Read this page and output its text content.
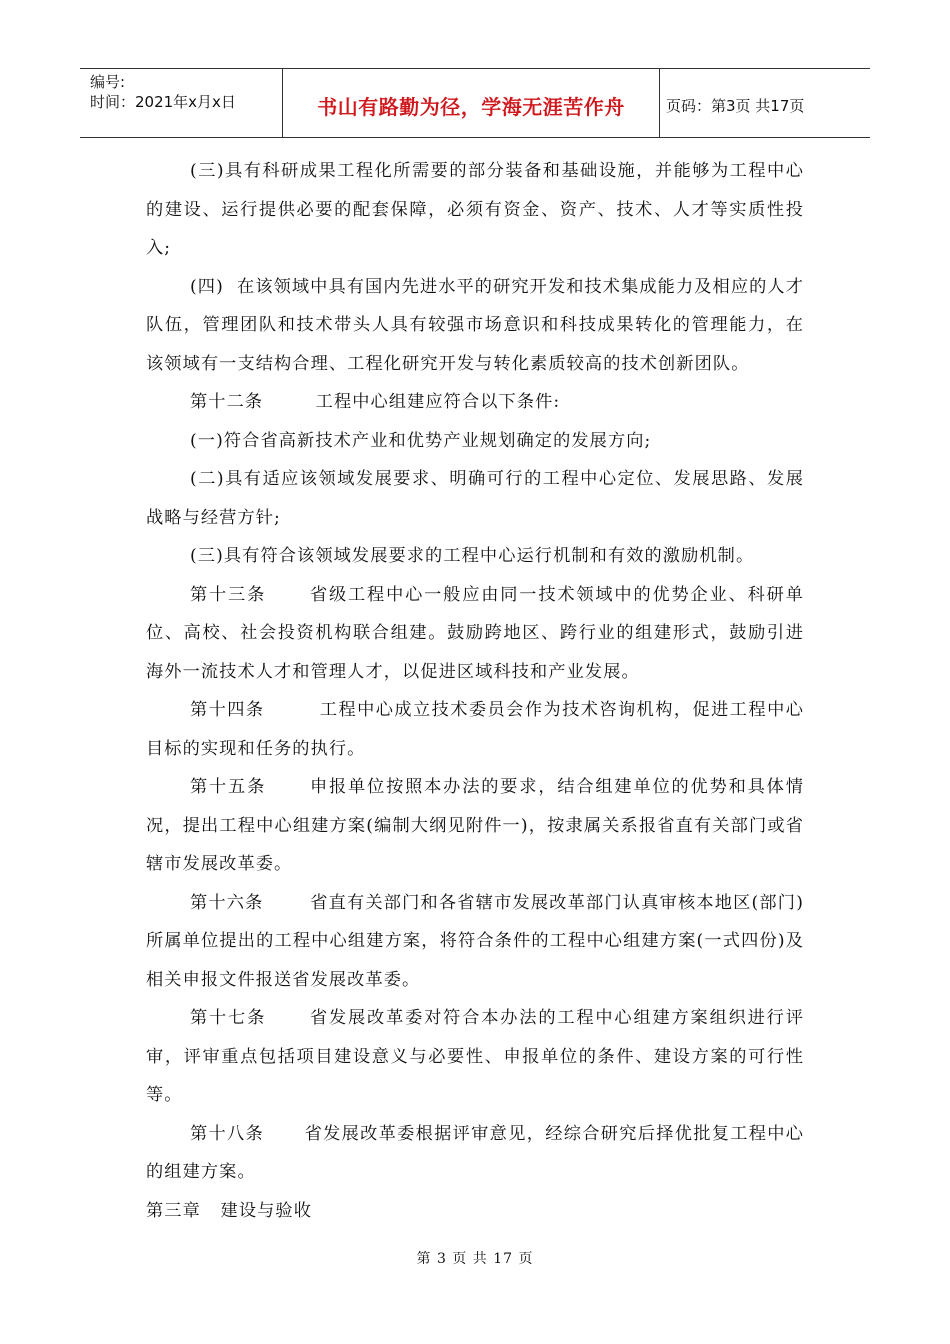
编号:
时间：2021年x月x日	书山有路勤为径，学海无涯苦作舟	页码：第3页 共17页

(三)具有科研成果工程化所需要的部分装备和基础设施，并能够为工程中心的建设、运行提供必要的配套保障，必须有资金、资产、技术、人才等实质性投入;

(四)  在该领域中具有国内先进水平的研究开发和技术集成能力及相应的人才队伍，管理团队和技术带头人具有较强市场意识和科技成果转化的管理能力，在该领域有一支结构合理、工程化研究开发与转化素质较高的技术创新团队。

第十二条        工程中心组建应符合以下条件:

(一)符合省高新技术产业和优势产业规划确定的发展方向;

(二)具有适应该领域发展要求、明确可行的工程中心定位、发展思路、发展战略与经营方针;

(三)具有符合该领域发展要求的工程中心运行机制和有效的激励机制。

第十三条      省级工程中心一般应由同一技术领域中的优势企业、科研单位、高校、社会投资机构联合组建。鼓励跨地区、跨行业的组建形式，鼓励引进海外一流技术人才和管理人才，以促进区域科技和产业发展。

第十四条        工程中心成立技术委员会作为技术咨询机构，促进工程中心目标的实现和任务的执行。

第十五条      申报单位按照本办法的要求，结合组建单位的优势和具体情况，提出工程中心组建方案(编制大纲见附件一)，按隶属关系报省直有关部门或省辖市发展改革委。

第十六条       省直有关部门和各省辖市发展改革部门认真审核本地区(部门)所属单位提出的工程中心组建方案，将符合条件的工程中心组建方案(一式四份)及相关申报文件报送省发展改革委。

第十七条      省发展改革委对符合本办法的工程中心组建方案组织进行评审，评审重点包括项目建设意义与必要性、申报单位的条件、建设方案的可行性等。

第十八条      省发展改革委根据评审意见，经综合研究后择优批复工程中心的组建方案。

第三章   建设与验收

第 3 页 共 17 页
